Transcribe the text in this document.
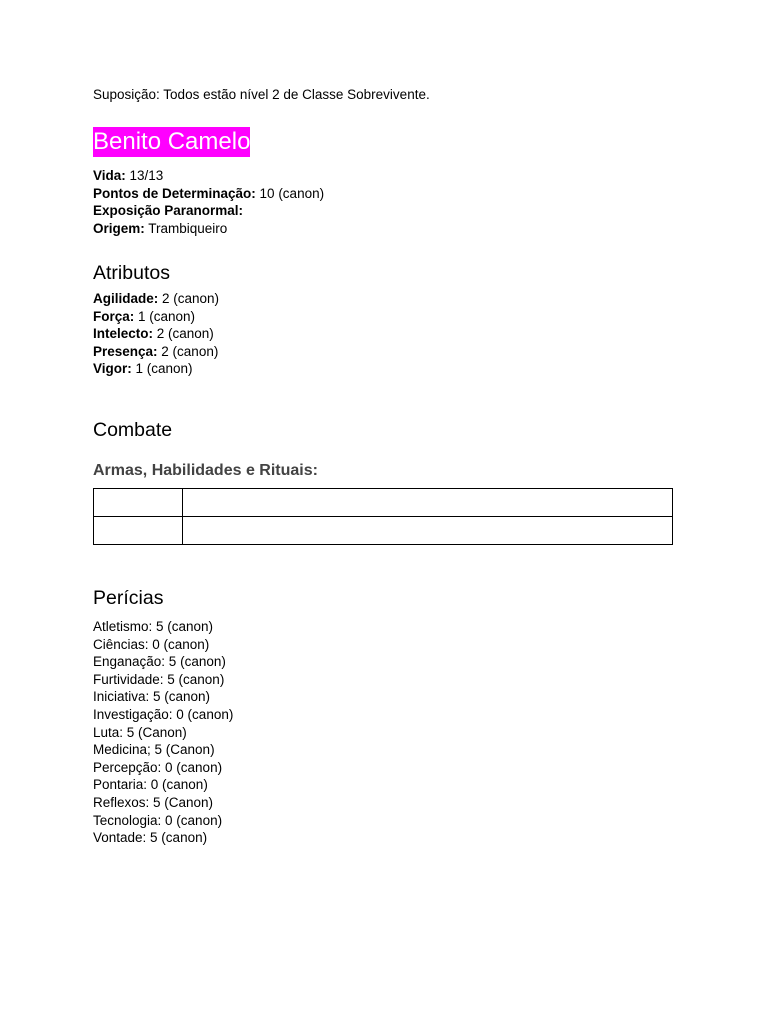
Suposição: Todos estão nível 2 de Classe Sobrevivente.
Benito Camelo
Vida: 13/13
Pontos de Determinação: 10 (canon)
Exposição Paranormal:
Origem: Trambiqueiro
Atributos
Agilidade: 2 (canon)
Força: 1 (canon)
Intelecto: 2 (canon)
Presença: 2 (canon)
Vigor: 1 (canon)
Combate
Armas, Habilidades e Rituais:

Perícias
Atletismo: 5 (canon)
Ciências: 0 (canon)
Enganação: 5 (canon)
Furtividade: 5 (canon)
Iniciativa: 5 (canon)
Investigação: 0 (canon)
Luta: 5 (Canon)
Medicina; 5 (Canon)
Percepção: 0 (canon)
Pontaria: 0 (canon)
Reflexos: 5 (Canon)
Tecnologia: 0 (canon)
Vontade: 5 (canon)
